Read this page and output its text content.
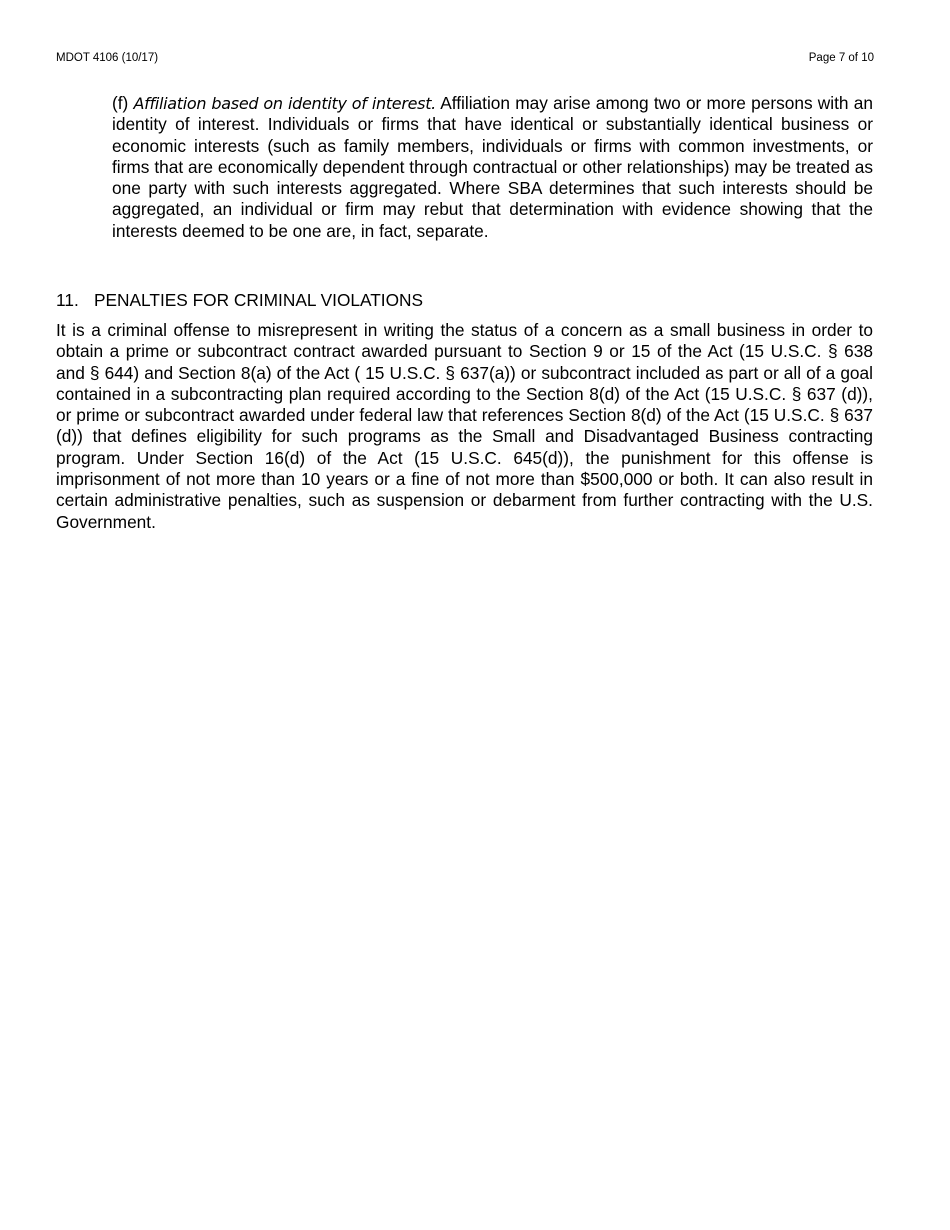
MDOT 4106 (10/17)	Page 7 of 10

(f) Affiliation based on identity of interest. Affiliation may arise among two or more persons with an identity of interest. Individuals or firms that have identical or substantially identical business or economic interests (such as family members, individuals or firms with common investments, or firms that are economically dependent through contractual or other relationships) may be treated as one party with such interests aggregated. Where SBA determines that such interests should be aggregated, an individual or firm may rebut that determination with evidence showing that the interests deemed to be one are, in fact, separate.

11. PENALTIES FOR CRIMINAL VIOLATIONS

It is a criminal offense to misrepresent in writing the status of a concern as a small business in order to obtain a prime or subcontract contract awarded pursuant to Section 9 or 15 of the Act (15 U.S.C. § 638 and § 644) and Section 8(a) of the Act ( 15 U.S.C. § 637(a)) or subcontract included as part or all of a goal contained in a subcontracting plan required according to the Section 8(d) of the Act (15 U.S.C. § 637 (d)), or prime or subcontract awarded under federal law that references Section 8(d) of the Act (15 U.S.C. § 637 (d)) that defines eligibility for such programs as the Small and Disadvantaged Business contracting program. Under Section 16(d) of the Act (15 U.S.C. 645(d)), the punishment for this offense is imprisonment of not more than 10 years or a fine of not more than $500,000 or both. It can also result in certain administrative penalties, such as suspension or debarment from further contracting with the U.S. Government.
